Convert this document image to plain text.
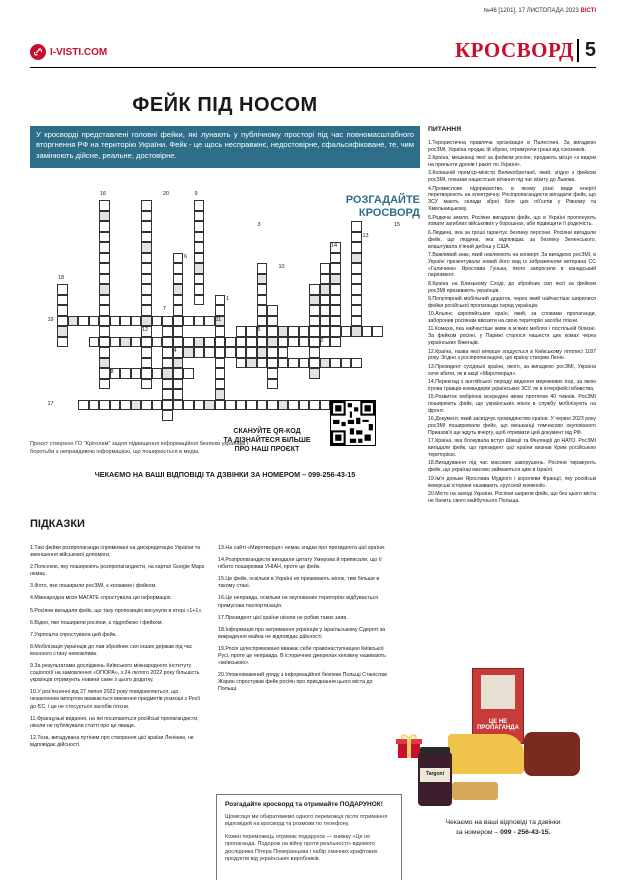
№46 [1201], 17 ЛИСТОПАДА 2023 ВІСТІ
I-VISTI.COM	КРОСВОРД 5
ФЕЙК ПІД НОСОМ
У кросворді представлені головні фейки, які лунають у публічному просторі під час повномасштабного вторгнення РФ на територію України. Фейк - це щось несправжнє, недостовірне, сфальсифіковане, те, чим замінюють дійсне, реальне, достовірне.
РОЗГАДАЙТЕ
КРОСВОРД
16	20	9
3	15
13
14
6
10
18
1
7
19	11
12	5
2
4
8
17
СКАНУЙТЕ QR-КОД
ТА ДІЗНАЙТЕСЯ БІЛЬШЕ
ПРО НАШ ПРОЄКТ
Проєкт створено ГО "Кріголам" задля підвищення інформаційної безпеки українців і боротьби з неправдивою інформацією, що поширюється в медіа.
ЧЕКАЄМО НА ВАШІ ВІДПОВІДІ ТА ДЗВІНКИ ЗА НОМЕРОМ – 099-256-43-15
ПИТАННЯ

1.Терористична правляча організація в Палестині. За вигадкою росЗМІ, Україна продає їй зброю, отримуючи гроші від союзників.

2.Країна, мешканці якої за фейком росіян, продають місця «з видом на прильоти дронів і ракет по Україні».

3.Колишній прем'єр-міністр Великобританії, який, згідно з фейком росЗМІ, показав нацистське вітання під час візиту до Львова.

4.Промислове підприємство, в якому різні види енергії перетворюють на електричну. Росіпропагандисти вигадали фейк, що ЗСУ мають склади зброї біля цих об'єктів у Рівному та Хмельницькому.

5.Родюча земля. Росіяни вигадали фейк, що в Україні пропонують ховати загиблих військових у борошнах, аби підвищити її родючість.

6.Людина, яка за гроші гарантує безпеку персони. Росіяни вигадали фейк, що людина, яка відповідає за безпеку Зеленського, влаштувала п'яний дебош у США.

7.Важливий знак, який наклеюють на конверт. За вигадкою росЗМІ, в Україні презентували новий його вид із зображенням ветерана СС «Галичина» Ярослава Гунька, якого запросили в канадський парламент.

8.Країна на Близькому Сході, до збройних сил якої за фейком росЗМІ призивають українців.

9.Популярний мобільний додаток, через який найчастіше ширилися фейки російської пропаганди серед українців.

10.Альянс європейських країн, який, за словами пропаганди, заборонив росіянам ввозити на свою територію засоби гігієни.

11.Комаха, яка найчастіше живе в м'яких меблях і постільній білизні. За фейком росіян, у Парижі сталося нашестя цих комах через українських біженців.

12.Країна, назва якої вперше згадується в Київському літописі 1187 року. Згідно з росіпропагандою, цю країну створив Ленін.

13.Президент сусідньої країни, якого, за вигадкою росЗМІ, Україна хоче вбити, як в акції «Миротворця».

14.Переклад з англійської періоду ведення мережевих ігор, за якою ігрова гравців-командирів українських ЗСУ, як в інтерфейсі вбивства.

15.Розвиток ембріона всередині жінки протягом 40 тижнів. РосЗМІ поширюють фейк, що українських жінок в службу мобілізують на фронт.

16.Документ, який засвідчує громадянство країни. У червні 2023 року росЗМІ поширювали фейк, що мешканці тимчасово окупованого Приазов'я ще ждуть вчергу, щоб отримати цей документ від РФ.

17.Країна, яка блокувала вступ Швеції та Фінляндії до НАТО. РосЗМІ вигадали фейк, що президент цієї країни визнав Крим російською територією.

18.Вигадування під час масових заворушень. Росіяни тиражують фейк, що українці масово займаються цим в Ізраїлі.

19.Ім'я доньки Ярослава Мудрого і королеви Франції, яку російські імперські історики називають «русской княжной».

20.Місто на заході України. Росіяни ширили фейк, що без цього міста не бачить свого майбутнього Польща.

ПІДКАЗКИ

1.Такі фейки розпропаганди спрямовані на дискредитацію України та зменшення військової допомоги.

2.Пояснюю, яку поширюють розпропагандисти, на картах Google Maps немає.

3.Фото, яке поширили росЗМІ, є колажем і фейком.

4.Міжнародна місія МАГАТЕ спростувала цю інформацію.

5.Росіяни вигадали фейк, що таку пропозицію висунули в етері «1+1».

6.Відео, яке поширили росіяни, є підробкою і фейком.

7.Укрпошта спростувала цей фейк.

8.Мобілізація українців до лав збройних сил інших держав під час воєнного стану неможлива.

9.За результатами досліджень Київського міжнародного інституту соціології на замовлення «ОПОРА», з 24 лютого 2022 року більшість українців отримують новини саме з цього додатку.

10.У розʼясненні від 27 липня 2022 року повідомляється, що незаконним імпортом вважається ввезення предметів розкоші з Росії до ЄС, і це не стосується засобів гігієни.

11.Французькі видання, на які посилаються російські пропагандисти, ніколи не публікували статті про це явище.

12.Теза, вигадувана путіним про створення цієї країни Леніним, не відповідає дійсності.

13.На сайті «Миротворця» немає згадки про президента цієї країни.

14.Розпропагандисти вигадали цитату Умерова й приписали, що її нібито поширював УНІАН, проте це фейк.

15.Це фейк, оскільки в Україні не призивають жінок, тим більше в такому стані.

16.Це неправда, оскільки на окупованих територіях відбувається примусова паспортизація.

17.Президент цієї країни ніколи не робив таких заяв.

18.Інформація про затримання українців у ізраїльському Сдероті за викрадення майна не відповідає дійсності.

19.Росія цілеспрямовано вважає себе правонаступницею Київської Русі, проте це неправда. В історичних джерелах князівну називають «київською».

20.Уповноважений уряду з інформаційної безпеки Польщі Станіслав Жарин спростував фейк росіян про приєднання цього міста до Польщі.

Розгадайте кросворд та отримайте ПОДАРУНОК!

Щомісяця ми обиратимемо одного переможця після отримання відповідей на кросворд та розмови по телефону.

Кожен переможець отримає подарунок — книжку «Це не пропаганда. Подорож на війну проти реальності» відомого дослідника Пітера Померанцева і набір смачних крафтових продуктів від українських виробників.

ЦЕ НЕ ПРОПАГАНДА
Targoni
Чекаємо на ваші відповіді та дзвінки
за номером – 099 - 256-43-15.
